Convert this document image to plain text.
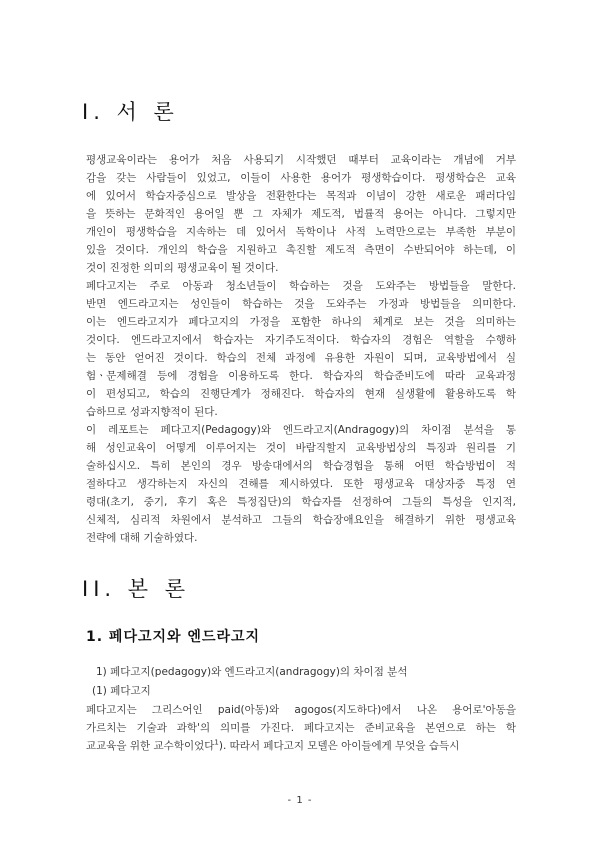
I. 서 론
평생교육이라는 용어가 처음 사용되기 시작했던 때부터 교육이라는 개념에 거부
감을 갖는 사람들이 있었고, 이들이 사용한 용어가 평생학습이다. 평생학습은 교육
에 있어서 학습자중심으로 발상을 전환한다는 목적과 이념이 강한 새로운 패러다임
을 뜻하는 문화적인 용어일 뿐 그 자체가 제도적, 법률적 용어는 아니다. 그렇지만
개인이 평생학습을 지속하는 데 있어서 독학이나 사적 노력만으로는 부족한 부분이
있을 것이다. 개인의 학습을 지원하고 촉진할 제도적 측면이 수반되어야 하는데, 이
것이 진정한 의미의 평생교육이 될 것이다.
페다고지는 주로 아동과 청소년들이 학습하는 것을 도와주는 방법들을 말한다.
반면 엔드라고지는 성인들이 학습하는 것을 도와주는 가정과 방법들을 의미한다.
이는 엔드라고지가 페다고지의 가정을 포함한 하나의 체계로 보는 것을 의미하는
것이다. 엔드라고지에서 학습자는 자기주도적이다. 학습자의 경험은 역할을 수행하
는 동안 얻어진 것이다. 학습의 전체 과정에 유용한 자원이 되며, 교육방법에서 실
험ㆍ문제해결 등에 경험을 이용하도록 한다. 학습자의 학습준비도에 따라 교육과정
이 편성되고, 학습의 진행단계가 정해진다. 학습자의 현재 실생활에 활용하도록 학
습하므로 성과지향적이 된다.
이 레포트는 페다고지(Pedagogy)와 엔드라고지(Andragogy)의 차이점 분석을 통
해 성인교육이 어떻게 이루어지는 것이 바람직할지 교육방법상의 특징과 원리를 기
술하십시오. 특히 본인의 경우 방송대에서의 학습경험을 통해 어떤 학습방법이 적
절하다고 생각하는지 자신의 견해를 제시하였다. 또한 평생교육 대상자중 특정 연
령대(초기, 중기, 후기 혹은 특정집단)의 학습자를 선정하여 그들의 특성을 인지적,
신체적, 심리적 차원에서 분석하고 그들의 학습장애요인을 해결하기 위한 평생교육
전략에 대해 기술하였다.
II. 본 론
1. 페다고지와 엔드라고지

1) 페다고지(pedagogy)와 엔드라고지(andragogy)의 차이점 분석

(1) 페다고지

페다고지는 그리스어인 paid(아동)와 agogos(지도하다)에서 나온 용어로'아동을
가르치는 기술과 과학'의 의미를 가진다. 페다고지는 준비교육을 본연으로 하는 학
교교육을 위한 교수학이었다$^1$). 따라서 페다고지 모델은 아이들에게 무엇을 습득시
- 1 -
